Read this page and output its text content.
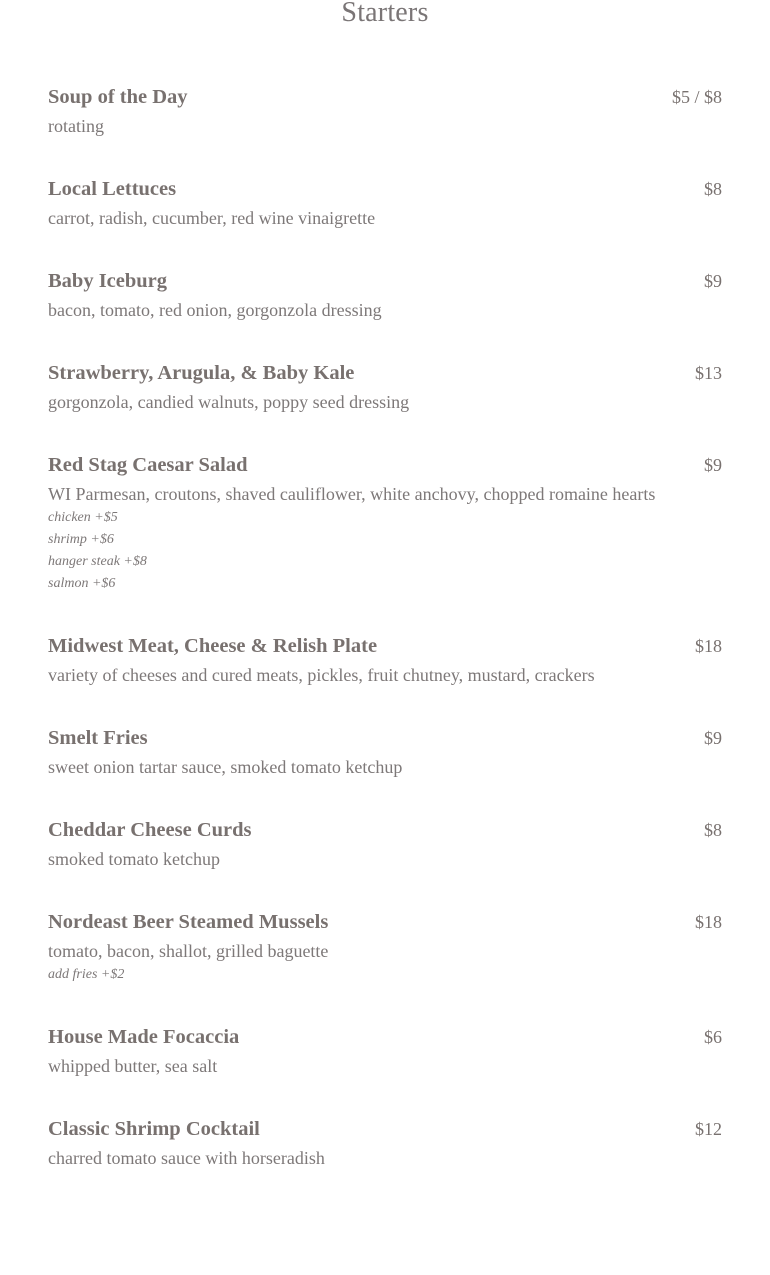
Starters
Soup of the Day	$5 / $8
rotating
Local Lettuces	$8
carrot, radish, cucumber, red wine vinaigrette
Baby Iceburg	$9
bacon, tomato, red onion, gorgonzola dressing
Strawberry, Arugula, & Baby Kale	$13
gorgonzola, candied walnuts, poppy seed dressing
Red Stag Caesar Salad	$9
WI Parmesan, croutons, shaved cauliflower, white anchovy, chopped romaine hearts
chicken +$5
shrimp +$6
hanger steak +$8
salmon +$6
Midwest Meat, Cheese & Relish Plate	$18
variety of cheeses and cured meats, pickles, fruit chutney, mustard, crackers
Smelt Fries	$9
sweet onion tartar sauce, smoked tomato ketchup
Cheddar Cheese Curds	$8
smoked tomato ketchup
Nordeast Beer Steamed Mussels	$18
tomato, bacon, shallot, grilled baguette
add fries +$2
House Made Focaccia	$6
whipped butter, sea salt
Classic Shrimp Cocktail	$12
charred tomato sauce with horseradish
